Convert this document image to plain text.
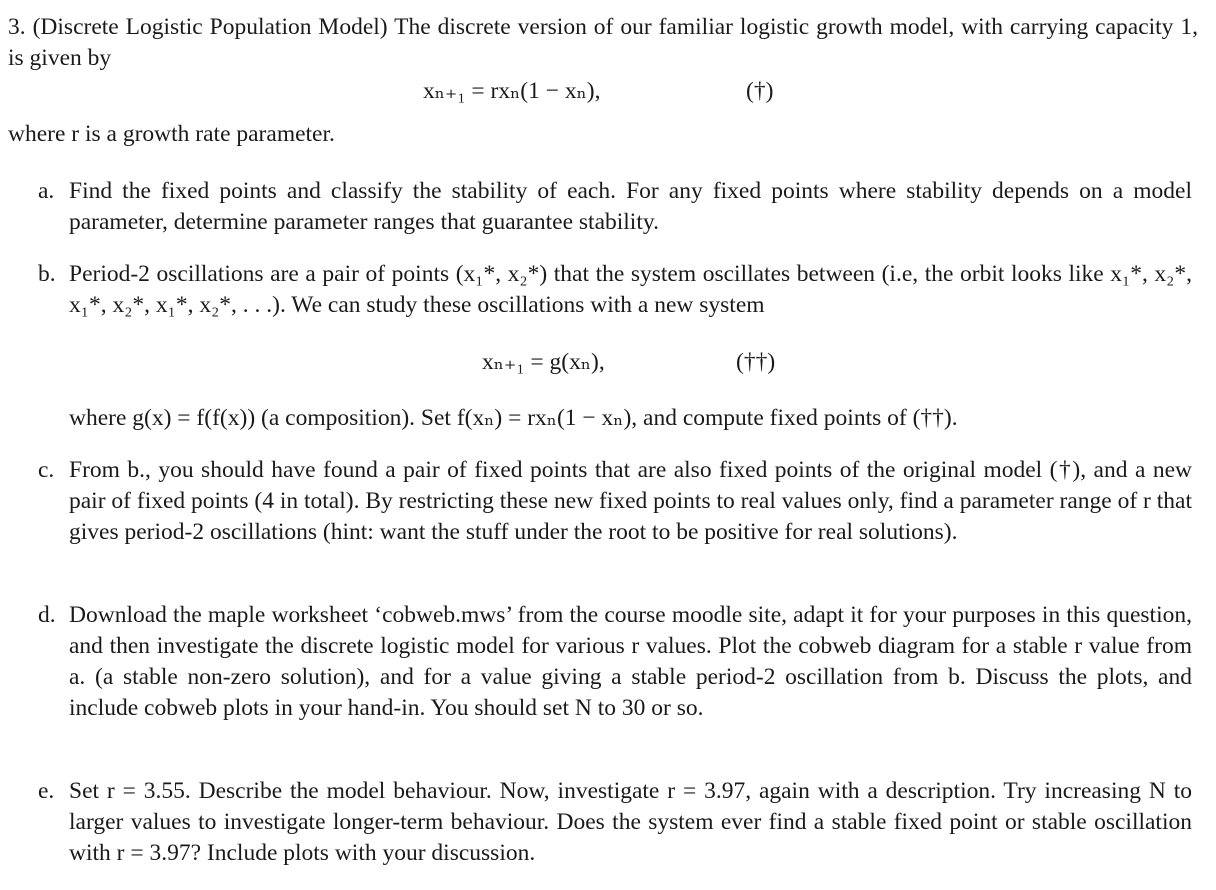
3. (Discrete Logistic Population Model) The discrete version of our familiar logistic growth model, with carrying capacity 1, is given by

xₙ₊₁ = rxₙ(1 − xₙ),	(†)

where r is a growth rate parameter.

a. Find the fixed points and classify the stability of each. For any fixed points where stability depends on a model parameter, determine parameter ranges that guarantee stability.

b. Period-2 oscillations are a pair of points (x₁*, x₂*) that the system oscillates between (i.e, the orbit looks like x₁*, x₂*, x₁*, x₂*, x₁*, x₂*, . . .). We can study these oscillations with a new system

xₙ₊₁ = g(xₙ),	(††)

where g(x) = f(f(x)) (a composition). Set f(xₙ) = rxₙ(1 − xₙ), and compute fixed points of (††).

c. From b., you should have found a pair of fixed points that are also fixed points of the original model (†), and a new pair of fixed points (4 in total). By restricting these new fixed points to real values only, find a parameter range of r that gives period-2 oscillations (hint: want the stuff under the root to be positive for real solutions).

d. Download the maple worksheet ‘cobweb.mws’ from the course moodle site, adapt it for your purposes in this question, and then investigate the discrete logistic model for various r values. Plot the cobweb diagram for a stable r value from a. (a stable non-zero solution), and for a value giving a stable period-2 oscillation from b. Discuss the plots, and include cobweb plots in your hand-in. You should set N to 30 or so.

e. Set r = 3.55. Describe the model behaviour. Now, investigate r = 3.97, again with a description. Try increasing N to larger values to investigate longer-term behaviour. Does the system ever find a stable fixed point or stable oscillation with r = 3.97? Include plots with your discussion.
